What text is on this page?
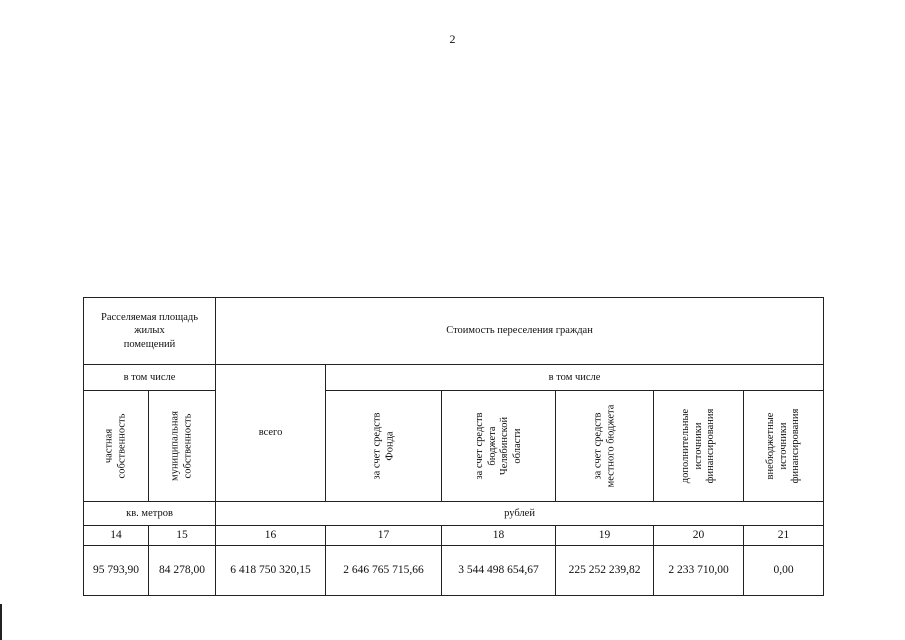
2
Расселяемая площадь
жилых
помещений		Стоимость переселения граждан					
в том числе		всего	в том числе				

частная собственность	муниципальная собственность		за счет средств Фонда	за счет средств бюджета Челябинской области	за счет средств местного бюджета	дополнительные источники финансирования	внебюджетные источники финансирования

кв. метров		рублей					
14	15	16	17	18	19	20	21
95 793,90	84 278,00	6 418 750 320,15	2 646 765 715,66	3 544 498 654,67	225 252 239,82	2 233 710,00	0,00
